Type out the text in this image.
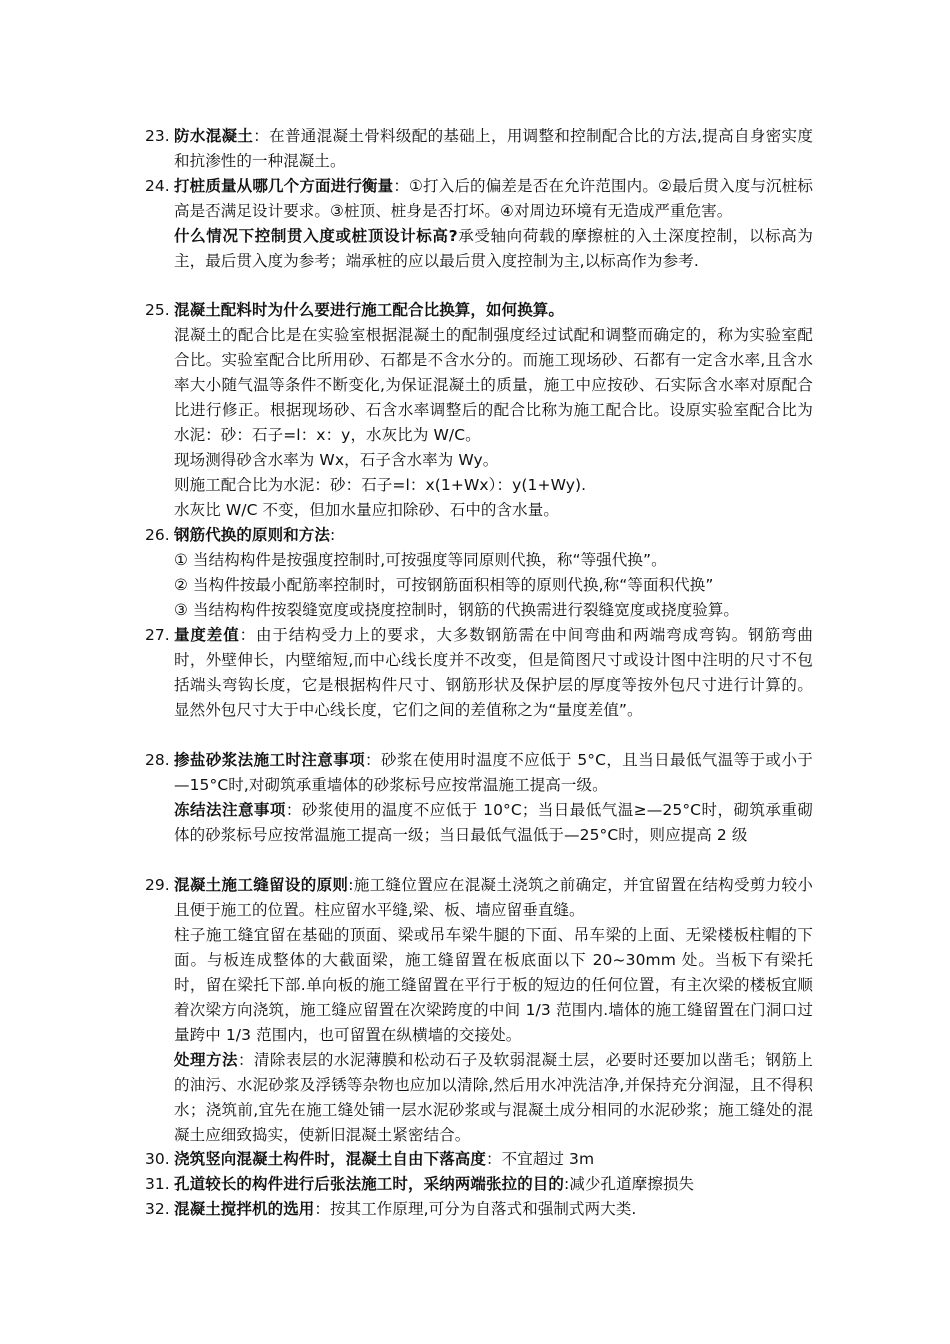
23. 防水混凝土：在普通混凝土骨料级配的基础上，用调整和控制配合比的方法,提高自身密实度和抗渗性的一种混凝土。

24. 打桩质量从哪几个方面进行衡量：①打入后的偏差是否在允许范围内。②最后贯入度与沉桩标高是否满足设计要求。③桩顶、桩身是否打坏。④对周边环境有无造成严重危害。

什么情况下控制贯入度或桩顶设计标高?承受轴向荷载的摩擦桩的入土深度控制，以标高为主，最后贯入度为参考；端承桩的应以最后贯入度控制为主,以标高作为参考.

25. 混凝土配料时为什么要进行施工配合比换算，如何换算。

混凝土的配合比是在实验室根据混凝土的配制强度经过试配和调整而确定的，称为实验室配合比。实验室配合比所用砂、石都是不含水分的。而施工现场砂、石都有一定含水率,且含水率大小随气温等条件不断变化,为保证混凝土的质量，施工中应按砂、石实际含水率对原配合比进行修正。根据现场砂、石含水率调整后的配合比称为施工配合比。设原实验室配合比为水泥：砂：石子=l：x：y，水灰比为 W/C。

现场测得砂含水率为 Wx，石子含水率为 Wy。

则施工配合比为水泥：砂：石子=l：x(1+Wx）：y(1+Wy).

水灰比 W/C 不变，但加水量应扣除砂、石中的含水量。

26. 钢筋代换的原则和方法:

① 当结构构件是按强度控制时,可按强度等同原则代换，称“等强代换”。

② 当构件按最小配筋率控制时，可按钢筋面积相等的原则代换,称“等面积代换”

③ 当结构构件按裂缝宽度或挠度控制时，钢筋的代换需进行裂缝宽度或挠度验算。

27. 量度差值：由于结构受力上的要求，大多数钢筋需在中间弯曲和两端弯成弯钩。钢筋弯曲时，外壁伸长，内壁缩短,而中心线长度并不改变，但是简图尺寸或设计图中注明的尺寸不包括端头弯钩长度，它是根据构件尺寸、钢筋形状及保护层的厚度等按外包尺寸进行计算的。显然外包尺寸大于中心线长度，它们之间的差值称之为“量度差值”。

28. 掺盐砂浆法施工时注意事项：砂浆在使用时温度不应低于 5°C，且当日最低气温等于或小于—15°C时,对砌筑承重墙体的砂浆标号应按常温施工提高一级。

冻结法注意事项：砂浆使用的温度不应低于 10°C；当日最低气温≥—25°C时，砌筑承重砌体的砂浆标号应按常温施工提高一级；当日最低气温低于—25°C时，则应提高 2 级

29. 混凝土施工缝留设的原则:施工缝位置应在混凝土浇筑之前确定，并宜留置在结构受剪力较小且便于施工的位置。柱应留水平缝,梁、板、墙应留垂直缝。

柱子施工缝宜留在基础的顶面、梁或吊车梁牛腿的下面、吊车梁的上面、无梁楼板柱帽的下面。与板连成整体的大截面梁，施工缝留置在板底面以下 20~30mm 处。当板下有梁托时，留在梁托下部.单向板的施工缝留置在平行于板的短边的任何位置，有主次梁的楼板宜顺着次梁方向浇筑，施工缝应留置在次梁跨度的中间 1/3 范围内.墙体的施工缝留置在门洞口过量跨中 1/3 范围内，也可留置在纵横墙的交接处。

处理方法：清除表层的水泥薄膜和松动石子及软弱混凝土层，必要时还要加以凿毛；钢筋上的油污、水泥砂浆及浮锈等杂物也应加以清除,然后用水冲洗洁净,并保持充分润湿，且不得积水；浇筑前,宜先在施工缝处铺一层水泥砂浆或与混凝土成分相同的水泥砂浆；施工缝处的混凝土应细致捣实，使新旧混凝土紧密结合。

30. 浇筑竖向混凝土构件时，混凝土自由下落高度：不宜超过 3m

31. 孔道较长的构件进行后张法施工时，采纳两端张拉的目的:减少孔道摩擦损失

32. 混凝土搅拌机的选用：按其工作原理,可分为自落式和强制式两大类.
